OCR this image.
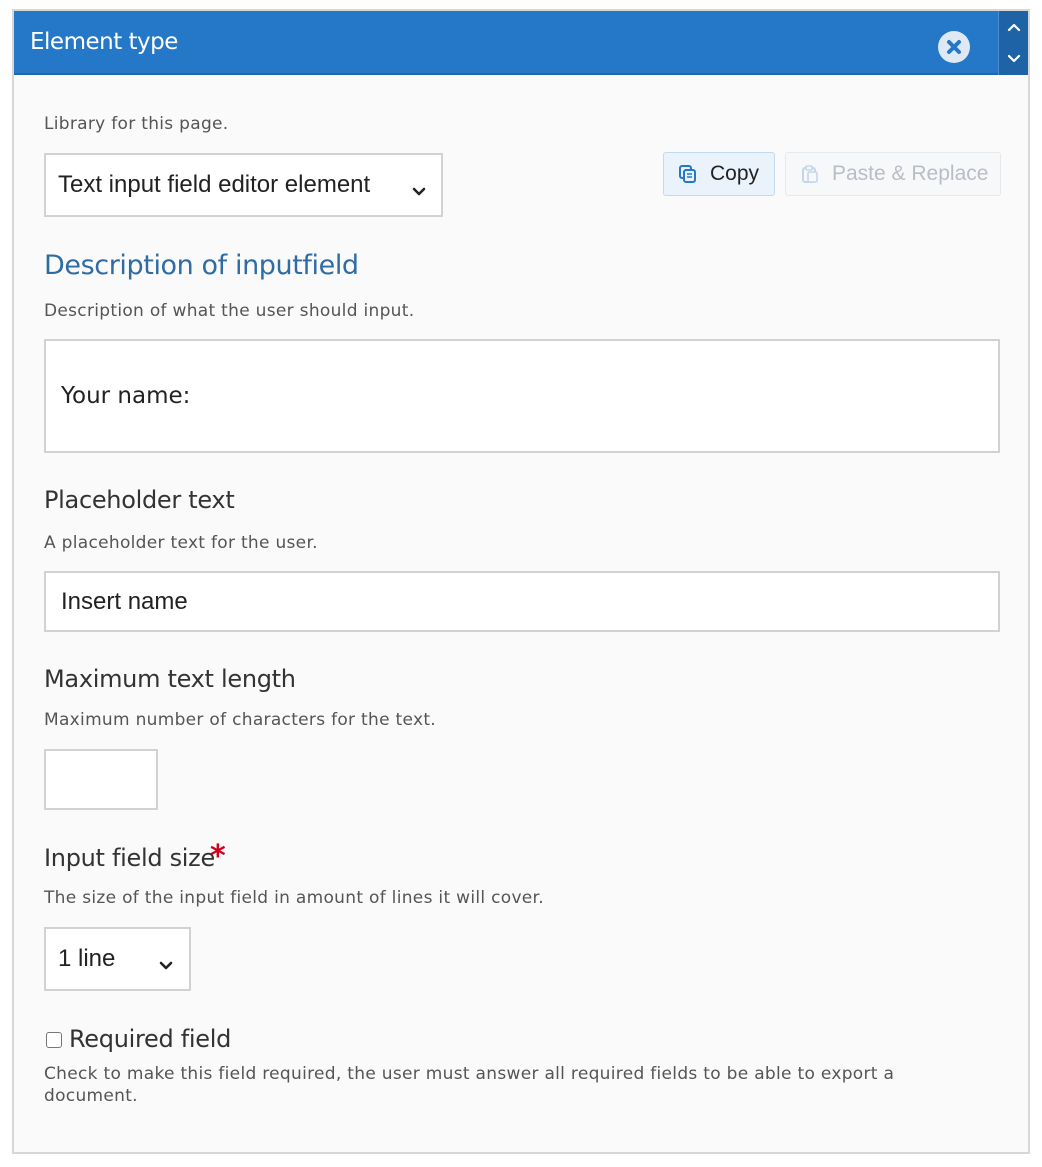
Element type
Library for this page.
Text input field editor element	Copy	Paste & Replace
Description of inputfield
Description of what the user should input.
Your name:
Placeholder text
A placeholder text for the user.
Insert name
Maximum text length
Maximum number of characters for the text.
Input field size
*
The size of the input field in amount of lines it will cover.
1 line
Required field
Check to make this field required, the user must answer all required fields to be able to export a
document.
